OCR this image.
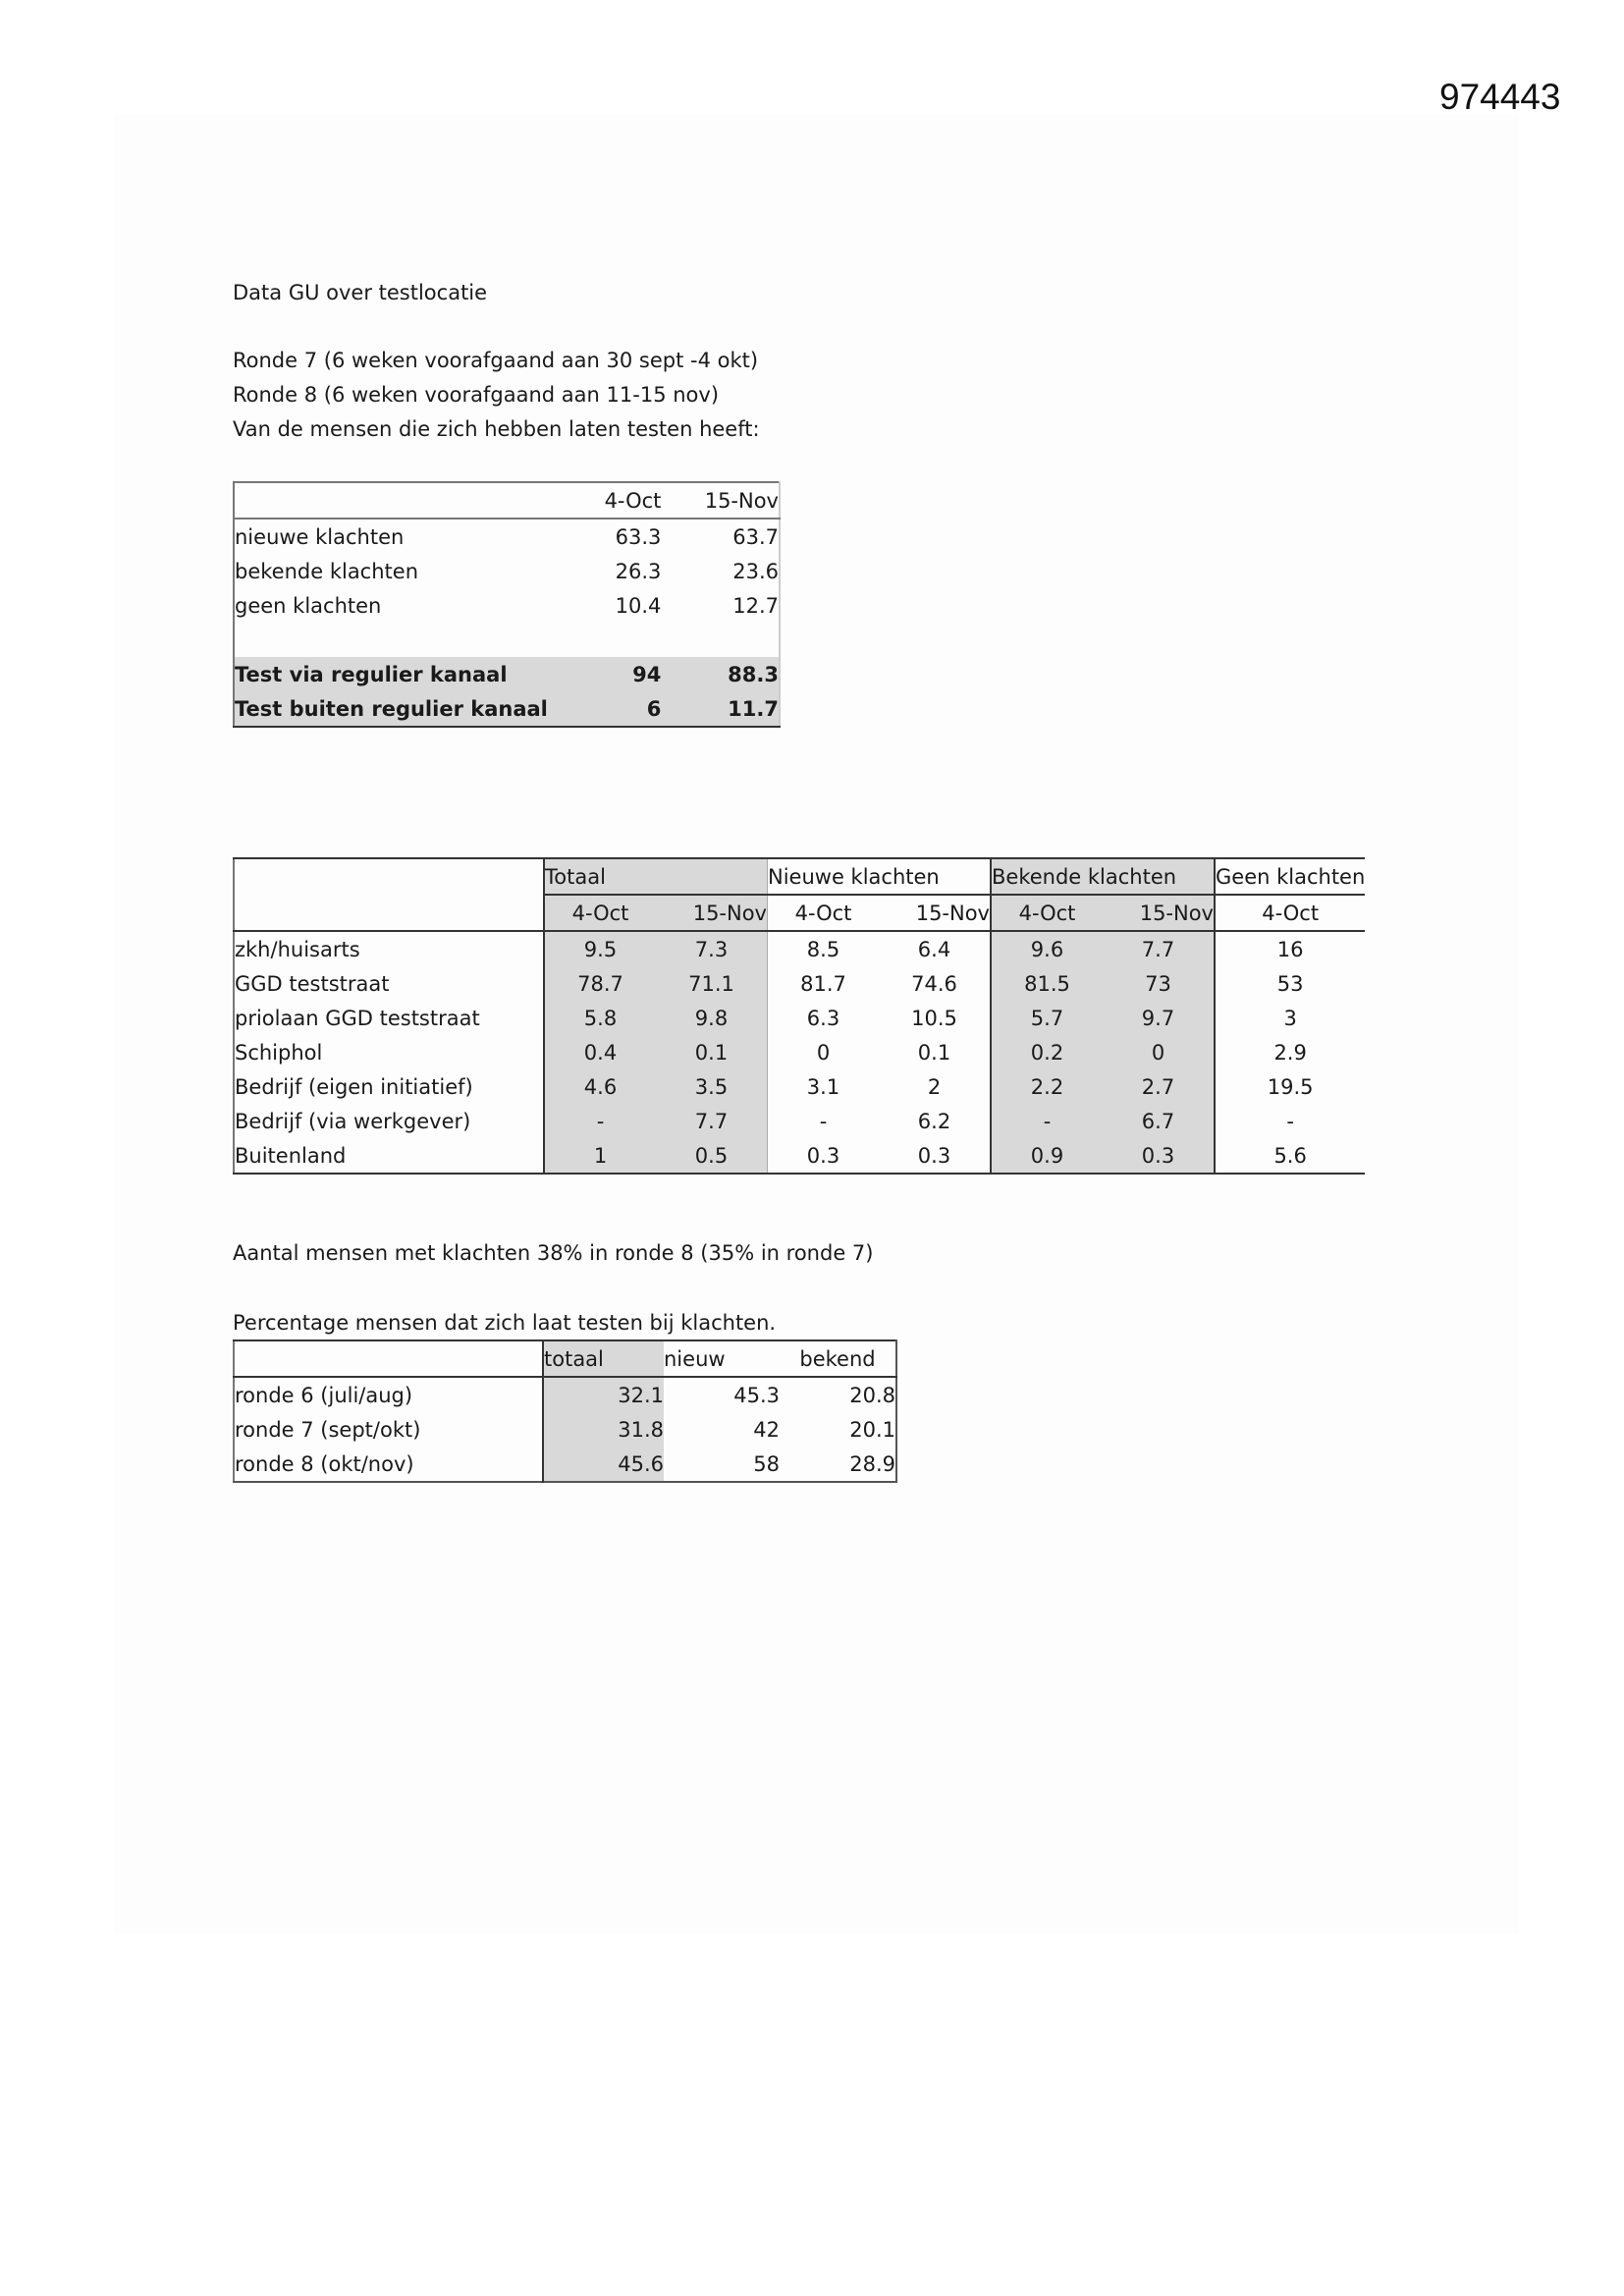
974443
Data GU over testlocatie
Ronde 7 (6 weken voorafgaand aan 30 sept -4 okt)
Ronde 8 (6 weken voorafgaand aan 11-15 nov)
Van de mensen die zich hebben laten testen heeft:
	4-Oct	15-Nov
nieuwe klachten	63.3	63.7
bekende klachten	26.3	23.6
geen klachten	10.4	12.7

Test via regulier kanaal	94	88.3
Test buiten regulier kanaal	6	11.7
	Totaal		Nieuwe klachten		Bekende klachten		Geen klachten
	4-Oct	15-Nov	4-Oct	15-Nov	4-Oct	15-Nov	4-Oct
zkh/huisarts	9.5	7.3	8.5	6.4	9.6	7.7	16
GGD teststraat	78.7	71.1	81.7	74.6	81.5	73	53
priolaan GGD teststraat	5.8	9.8	6.3	10.5	5.7	9.7	3
Schiphol	0.4	0.1	0	0.1	0.2	0	2.9
Bedrijf (eigen initiatief)	4.6	3.5	3.1	2	2.2	2.7	19.5
Bedrijf (via werkgever)	-	7.7	-	6.2	-	6.7	-
Buitenland	1	0.5	0.3	0.3	0.9	0.3	5.6
Aantal mensen met klachten 38% in ronde 8 (35% in ronde 7)
Percentage mensen dat zich laat testen bij klachten.
	totaal	nieuw	bekend
ronde 6 (juli/aug)	32.1	45.3	20.8
ronde 7 (sept/okt)	31.8	42	20.1
ronde 8 (okt/nov)	45.6	58	28.9
